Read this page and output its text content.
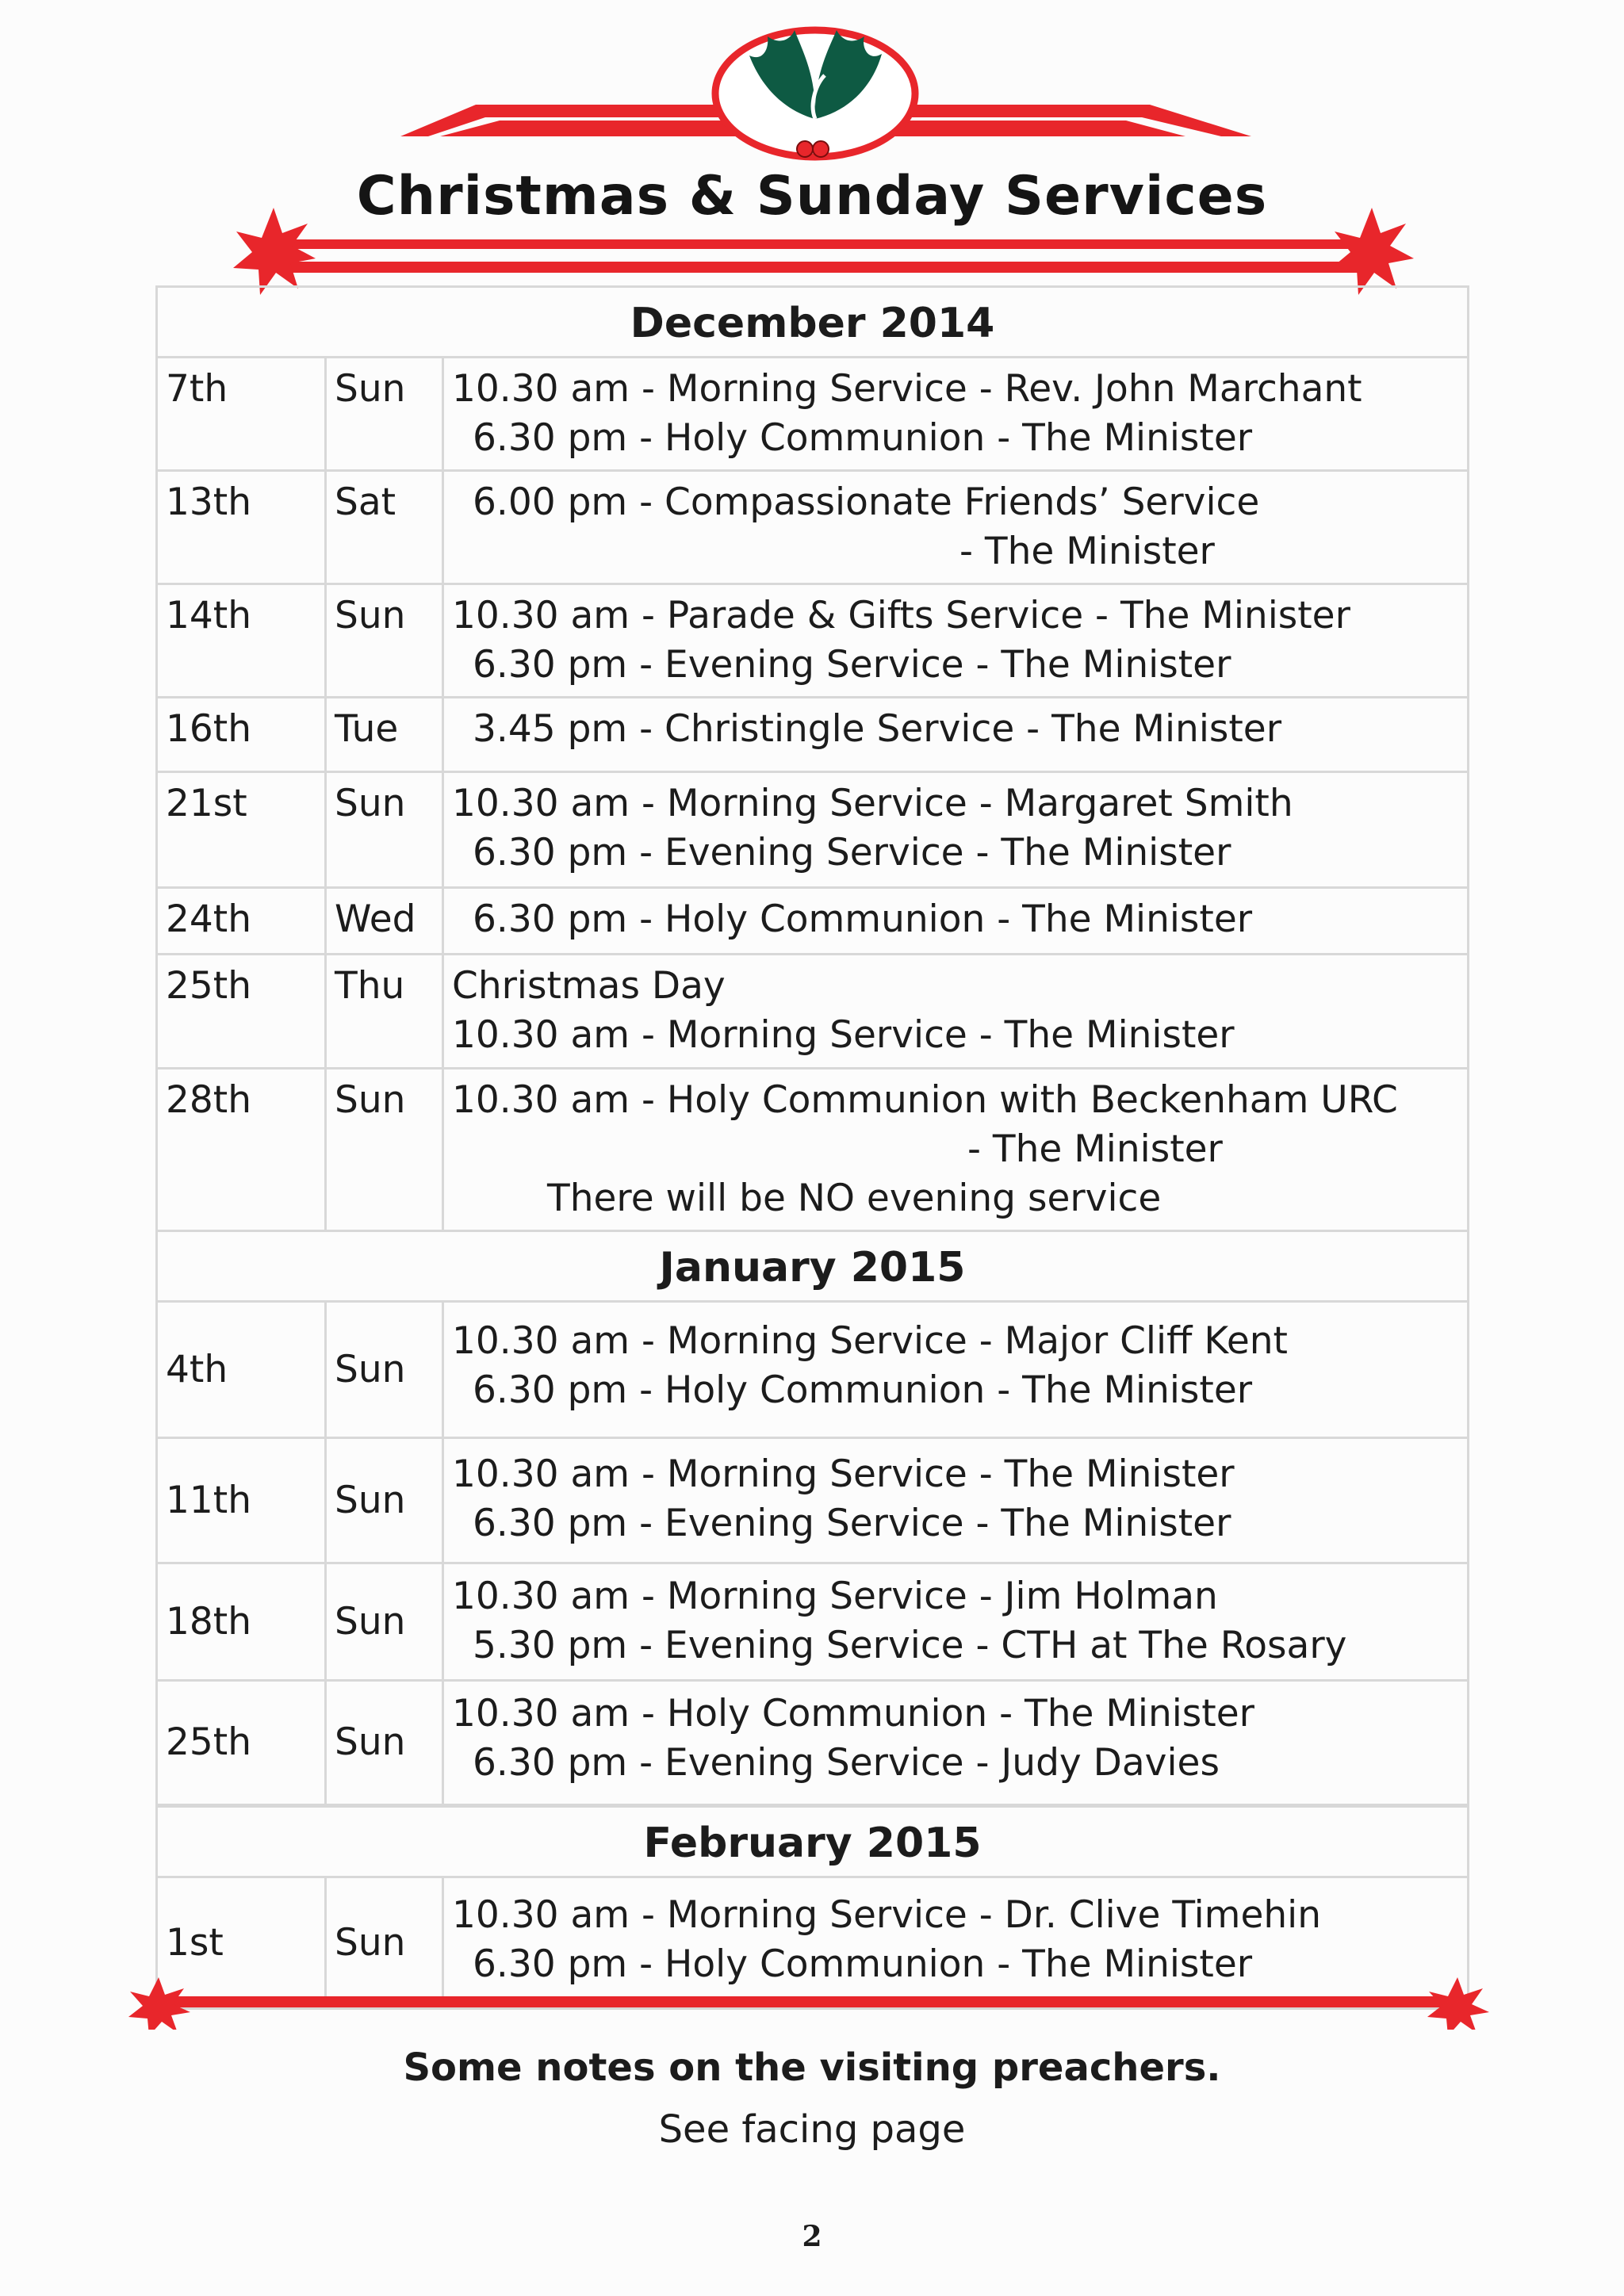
Christmas & Sunday Services
December 2014		
7th	Sun	10.30 am - Morning Service - Rev. John Marchant
6.30 pm - Holy Communion - The Minister

13th	Sat	6.00 pm - Compassionate Friends’ Service
- The Minister

14th	Sun	10.30 am - Parade & Gifts Service - The Minister
6.30 pm - Evening Service - The Minister

16th	Tue	3.45 pm - Christingle Service - The Minister

21st	Sun	10.30 am - Morning Service - Margaret Smith
6.30 pm - Evening Service - The Minister

24th	Wed	6.30 pm - Holy Communion - The Minister

25th	Thu	Christmas Day
10.30 am - Morning Service - The Minister

28th	Sun	10.30 am - Holy Communion with Beckenham URC
- The Minister
There will be NO evening service

January 2015		
4th	Sun	10.30 am - Morning Service - Major Cliff Kent
6.30 pm - Holy Communion - The Minister

11th	Sun	10.30 am - Morning Service - The Minister
6.30 pm - Evening Service - The Minister

18th	Sun	10.30 am - Morning Service - Jim Holman
5.30 pm - Evening Service - CTH at The Rosary

25th	Sun	10.30 am - Holy Communion - The Minister
6.30 pm - Evening Service - Judy Davies

February 2015		
1st	Sun	10.30 am - Morning Service - Dr. Clive Timehin
6.30 pm - Holy Communion - The Minister
Some notes on the visiting preachers.
See facing page
2
